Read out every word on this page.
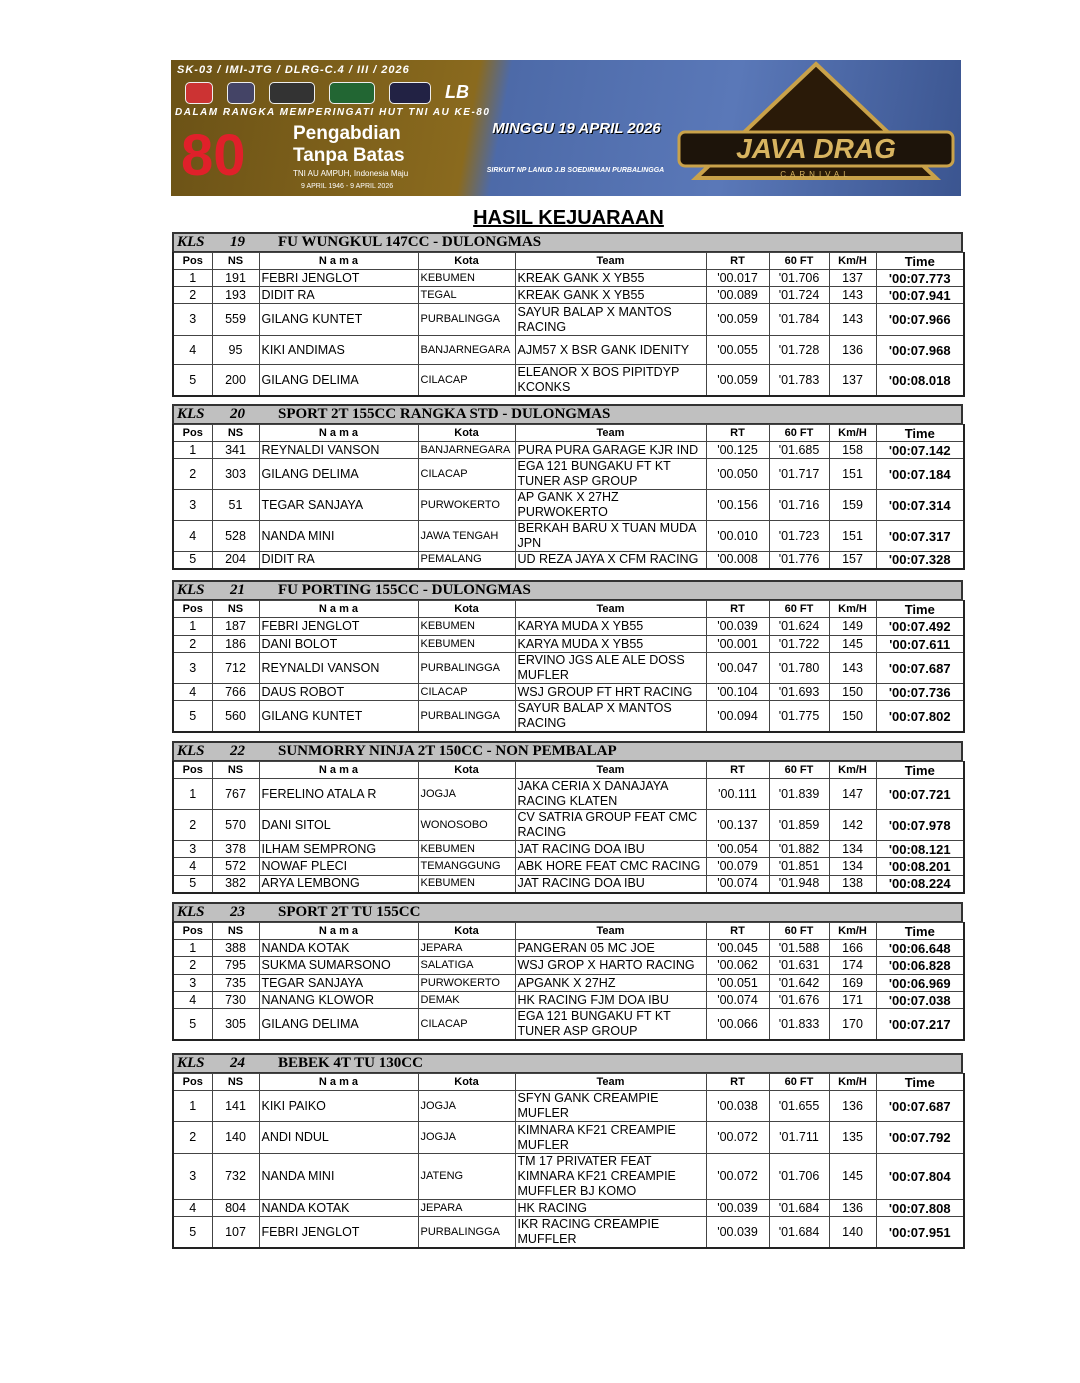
SK-03 / IMI-JTG / DLRG-C.4 / III / 2026
LB
DALAM RANGKA MEMPERINGATI HUT TNI AU KE-80
80 Pengabdian Tanpa Batas
TNI AU AMPUH, Indonesia Maju
9 APRIL 1946 - 9 APRIL 2026
MINGGU 19 APRIL 2026
SIRKUIT NP LANUD J.B SOEDIRMAN PURBALINGGA
JAVA DRAG
CARNIVAL
HASIL KEJUARAAN
KLS	19	FU WUNGKUL 147CC - DULONGMAS
Pos	NS	N a m a	Kota	Team	RT	60 FT	Km/H	Time
1	191	FEBRI JENGLOT	KEBUMEN	KREAK GANK X YB55	'00.017	'01.706	137	'00:07.773
2	193	DIDIT RA	TEGAL	KREAK GANK X YB55	'00.089	'01.724	143	'00:07.941
3	559	GILANG KUNTET	PURBALINGGA	SAYUR BALAP X MANTOS RACING	'00.059	'01.784	143	'00:07.966
4	95	KIKI ANDIMAS	BANJARNEGARA	AJM57 X BSR GANK IDENITY	'00.055	'01.728	136	'00:07.968
5	200	GILANG DELIMA	CILACAP	ELEANOR X BOS PIPITDYP KCONKS	'00.059	'01.783	137	'00:08.018
KLS	20	SPORT 2T 155CC RANGKA STD - DULONGMAS
Pos	NS	N a m a	Kota	Team	RT	60 FT	Km/H	Time
1	341	REYNALDI VANSON	BANJARNEGARA	PURA PURA GARAGE KJR IND	'00.125	'01.685	158	'00:07.142
2	303	GILANG DELIMA	CILACAP	EGA 121 BUNGAKU FT KT TUNER ASP GROUP	'00.050	'01.717	151	'00:07.184
3	51	TEGAR SANJAYA	PURWOKERTO	AP GANK X 27HZ PURWOKERTO	'00.156	'01.716	159	'00:07.314
4	528	NANDA MINI	JAWA TENGAH	BERKAH BARU X TUAN MUDA JPN	'00.010	'01.723	151	'00:07.317
5	204	DIDIT RA	PEMALANG	UD REZA JAYA X CFM RACING	'00.008	'01.776	157	'00:07.328
KLS	21	FU PORTING 155CC - DULONGMAS
Pos	NS	N a m a	Kota	Team	RT	60 FT	Km/H	Time
1	187	FEBRI JENGLOT	KEBUMEN	KARYA MUDA X YB55	'00.039	'01.624	149	'00:07.492
2	186	DANI BOLOT	KEBUMEN	KARYA MUDA X YB55	'00.001	'01.722	145	'00:07.611
3	712	REYNALDI VANSON	PURBALINGGA	ERVINO JGS ALE ALE DOSS MUFLER	'00.047	'01.780	143	'00:07.687
4	766	DAUS ROBOT	CILACAP	WSJ GROUP FT HRT RACING	'00.104	'01.693	150	'00:07.736
5	560	GILANG KUNTET	PURBALINGGA	SAYUR BALAP X MANTOS RACING	'00.094	'01.775	150	'00:07.802
KLS	22	SUNMORRY NINJA 2T 150CC - NON PEMBALAP
Pos	NS	N a m a	Kota	Team	RT	60 FT	Km/H	Time
1	767	FERELINO ATALA R	JOGJA	JAKA CERIA X DANAJAYA RACING KLATEN	'00.111	'01.839	147	'00:07.721
2	570	DANI SITOL	WONOSOBO	CV SATRIA GROUP FEAT CMC RACING	'00.137	'01.859	142	'00:07.978
3	378	ILHAM SEMPRONG	KEBUMEN	JAT RACING DOA IBU	'00.054	'01.882	134	'00:08.121
4	572	NOWAF PLECI	TEMANGGUNG	ABK HORE FEAT CMC RACING	'00.079	'01.851	134	'00:08.201
5	382	ARYA LEMBONG	KEBUMEN	JAT RACING DOA IBU	'00.074	'01.948	138	'00:08.224
KLS	23	SPORT 2T TU 155CC
Pos	NS	N a m a	Kota	Team	RT	60 FT	Km/H	Time
1	388	NANDA KOTAK	JEPARA	PANGERAN 05 MC JOE	'00.045	'01.588	166	'00:06.648
2	795	SUKMA SUMARSONO	SALATIGA	WSJ GROP X HARTO RACING	'00.062	'01.631	174	'00:06.828
3	735	TEGAR SANJAYA	PURWOKERTO	APGANK X 27HZ	'00.051	'01.642	169	'00:06.969
4	730	NANANG KLOWOR	DEMAK	HK RACING FJM DOA IBU	'00.074	'01.676	171	'00:07.038
5	305	GILANG DELIMA	CILACAP	EGA 121 BUNGAKU FT KT TUNER ASP GROUP	'00.066	'01.833	170	'00:07.217
KLS	24	BEBEK 4T TU 130CC
Pos	NS	N a m a	Kota	Team	RT	60 FT	Km/H	Time
1	141	KIKI PAIKO	JOGJA	SFYN GANK CREAMPIE MUFLER	'00.038	'01.655	136	'00:07.687
2	140	ANDI NDUL	JOGJA	KIMNARA KF21 CREAMPIE MUFLER	'00.072	'01.711	135	'00:07.792
3	732	NANDA MINI	JATENG	TM 17 PRIVATER FEAT KIMNARA KF21 CREAMPIE MUFFLER BJ KOMO	'00.072	'01.706	145	'00:07.804
4	804	NANDA KOTAK	JEPARA	HK RACING	'00.039	'01.684	136	'00:07.808
5	107	FEBRI JENGLOT	PURBALINGGA	IKR RACING CREAMPIE MUFFLER	'00.039	'01.684	140	'00:07.951
